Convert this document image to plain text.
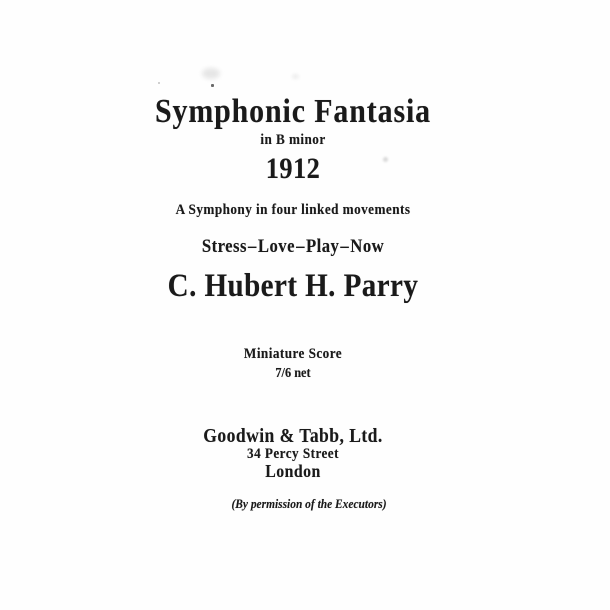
Symphonic Fantasia
in B minor
1912
A Symphony in four linked movements
Stress – Love – Play – Now
C. Hubert H. Parry
Miniature Score
7/6 net
Goodwin & Tabb, Ltd.
34 Percy Street
London
(By permission of the Executors)
